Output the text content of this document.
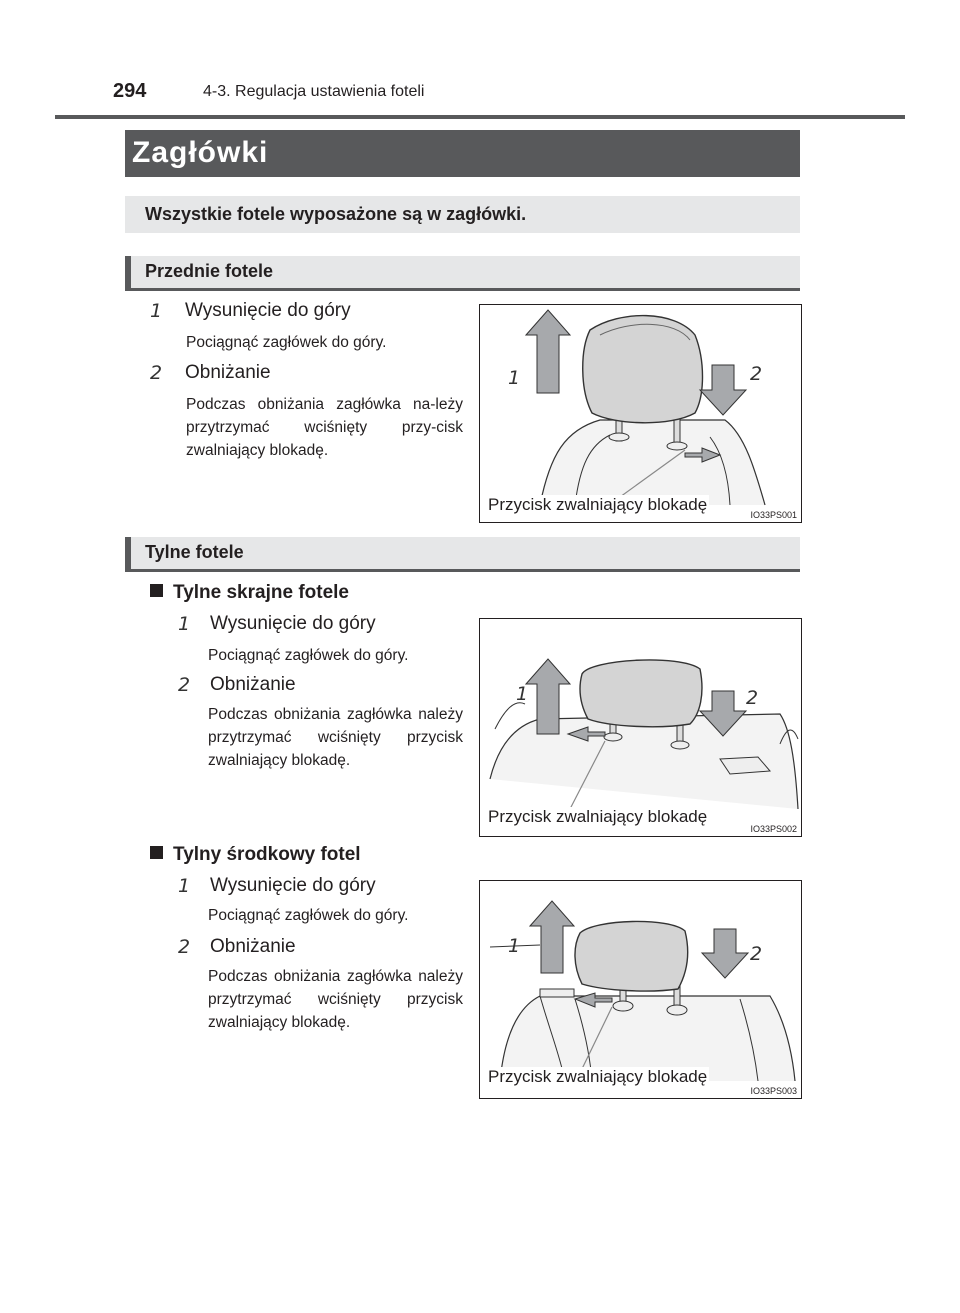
294	4-3. Regulacja ustawienia foteli
Zagłówki
Wszystkie fotele wyposażone są w zagłówki.
Przednie fotele
1 Wysunięcie do góry
Pociągnąć zagłówek do góry.
2 Obniżanie
Podczas obniżania zagłówka na-leży przytrzymać wciśnięty przy-cisk zwalniający blokadę.
1	2
Przycisk zwalniający blokadę
IO33PS001
Tylne fotele
Tylne skrajne fotele
1 Wysunięcie do góry
Pociągnąć zagłówek do góry.
2 Obniżanie
Podczas obniżania zagłówka należy przytrzymać wciśnięty przycisk zwalniający blokadę.
1	2
Przycisk zwalniający blokadę
IO33PS002
Tylny środkowy fotel
1 Wysunięcie do góry
Pociągnąć zagłówek do góry.
2 Obniżanie
Podczas obniżania zagłówka należy przytrzymać wciśnięty przycisk zwalniający blokadę.
1	2
Przycisk zwalniający blokadę
IO33PS003
